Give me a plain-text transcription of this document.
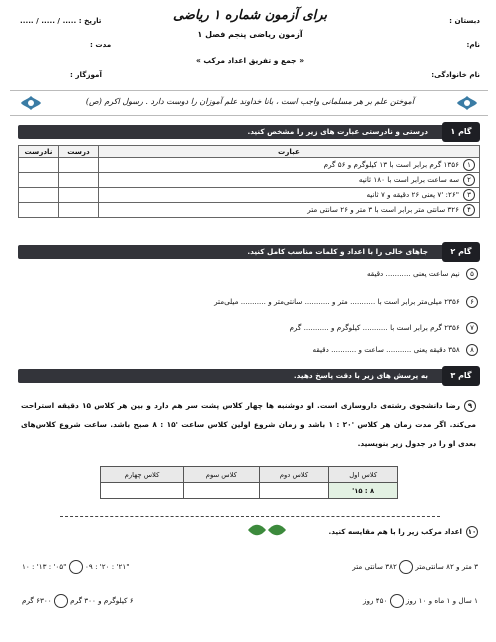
دبستان :
نام:
نام خانوادگی:
برای آزمون شماره ۱ ریاضی
آزمون ریاضی پنجم فصل ۱
« جمع و تفریق اعداد مرکب »
تاریخ : ..... / ..... / .....
مدت :
آموزگار :
آموختن علم بر هر مسلمانی واجب است ، بانا خداوند علم آموزان را دوست دارد . رسول اکرم (ص)
درستی و نادرستی عبارت های زیر را مشخص کنید.	گام ۱
عبارت	درست	نادرست
۱۱۳۵۶ گرم برابر است با ۱۳ کیلوگرم و ۵۶ گرم		
۲سه ساعت برابر است با ۱۸۰ ثانیه		
۳"۲۶: '۷ یعنی ۲۶ دقیقه و ۷ ثانیه		
۴۳۲۶ سانتی متر برابر است با ۳ متر و ۲۶ سانتی متر		
جاهای خالی را با اعداد و کلمات مناسب کامل کنید.	گام ۲
۵ نیم ساعت یعنی ........... دقیقه
۶ ۲۳۵۶ میلی‌متر برابر است با ........... متر و ........... سانتی‌متر و ........... میلی‌متر
۷ ۲۳۵۶ گرم برابر است با ........... کیلوگرم و ........... گرم
۸ ۳۵۸ دقیقه یعنی ........... ساعت و ........... دقیقه
به پرسش های زیر با دقت پاسخ دهید.	گام ۳
۹رضا دانشجوی رشته‌ی داروسازی است. او دوشنبه ها چهار کلاس پشت سر هم دارد و بین هر کلاس ۱۵ دقیقه استراحت می‌کند. اگر مدت زمان هر کلاس '۲۰ : ۱ باشد و زمان شروع اولین کلاس ساعت '۱۵ : ۸ صبح باشد. ساعت شروع کلاس‌های بعدی او را در جدول زیر بنویسید.
کلاس اول	کلاس دوم	کلاس سوم	کلاس چهارم
۸ : ۱۵'			
۱۰اعداد مرکب زیر را با هم مقایسه کنید.
۳ متر و ۸۲ سانتی‌متر  ۳۸۲ سانتی متر
"۲۱' : ۲۰' : ۰۹  "۰۵' : ۱۳' : ۱۰
۱ سال و ۱ ماه و ۱۰ روز  ۴۵۰ روز
۶ کیلوگرم و ۳۰۰ گرم  ۶۳۰۰ گرم
